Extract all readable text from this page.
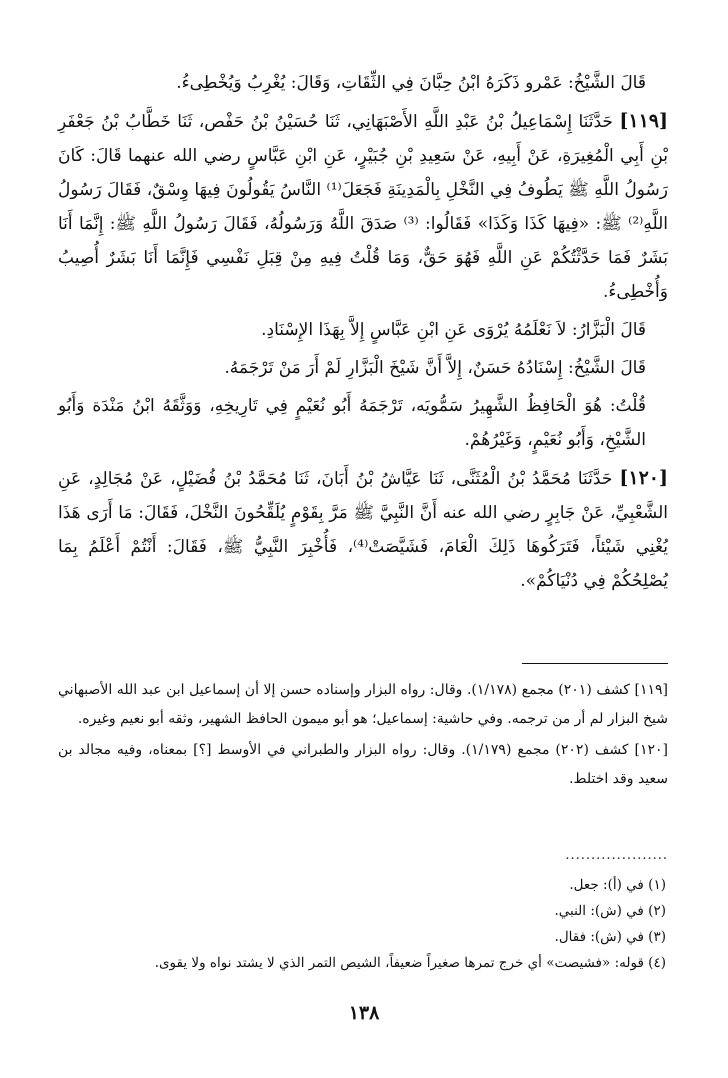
قَالَ الشَّيْخُ: عَمْرو ذَكَرَهُ ابْنُ حِبَّانَ فِي الثِّقَاتِ، وَقَالَ: يُغْرِبُ وَيُخْطِىءُ.

[١١٩] حَدَّثَنَا إِسْمَاعِيلُ بْنُ عَبْدِ اللَّهِ الأَصْبَهَانِي، ثَنَا حُسَيْنُ بْنُ حَفْص، ثَنَا خَطَّابُ بْنُ جَعْفَرِ بْنِ أَبِي الْمُغِيرَةِ، عَنْ أَبِيهِ، عَنْ سَعِيدِ بْنِ جُبَيْرٍ، عَنِ ابْنِ عَبَّاسٍ رضي الله عنهما قَالَ: كَانَ رَسُولُ اللَّهِ ﷺ يَطُوفُ فِي النَّخْلِ بِالْمَدِينَةِ فَجَعَلَ⁽¹⁾ النَّاسُ يَقُولُونَ فِيهَا وِسْقٌ، فَقَالَ رَسُولُ اللَّهِ⁽²⁾ ﷺ: «فِيهَا كَذَا وَكَذَا» فَقَالُوا: ⁽³⁾ صَدَقَ اللَّهُ وَرَسُولُهُ، فَقَالَ رَسُولُ اللَّهِ ﷺ: إِنَّمَا أَنَا بَشَرٌ فَمَا حَدَّثْتُكُمْ عَنِ اللَّهِ فَهُوَ حَقٌّ، وَمَا قُلْتُ فِيهِ مِنْ قِبَلِ نَفْسِي فَإِنَّمَا أَنَا بَشَرٌ أُصِيبُ وَأُخْطِىءُ.

قَالَ الْبَزَّارُ: لاَ نَعْلَمُهُ يُرْوَى عَنِ ابْنِ عَبَّاسٍ إِلاَّ بِهَذَا الإِسْنَادِ.

قَالَ الشَّيْخُ: إِسْنَادُهُ حَسَنٌ، إِلاَّ أَنَّ شَيْخَ الْبَزَّارِ لَمْ أَرَ مَنْ تَرْجَمَهُ.

قُلْتُ: هُوَ الْحَافِظُ الشَّهِيرُ سَمُّويَه، تَرْجَمَهُ أَبُو نُعَيْمٍ فِي تَارِيخِهِ، وَوَثَّقَهُ ابْنُ مَنْدَة وَأَبُو الشَّيْخِ، وَأَبُو نُعَيْمٍ، وَغَيْرُهُمْ.

[١٢٠] حَدَّثَنَا مُحَمَّدُ بْنُ الْمُثَنَّى، ثَنَا عَيَّاشُ بْنُ أَبَانَ، ثَنَا مُحَمَّدُ بْنُ فُضَيْلٍ، عَنْ مُجَالِدٍ، عَنِ الشَّعْبِيِّ، عَنْ جَابِرٍ رضي الله عنه أَنَّ النَّبِيَّ ﷺ مَرَّ بِقَوْمٍ يُلَقِّحُونَ النَّخْلَ، فَقَالَ: مَا أَرَى هَذَا يُغْنِي شَيْئاً، فَتَرَكُوهَا ذَلِكَ الْعَامَ، فَشَيَّصَتْ⁽⁴⁾، فَأُخْبِرَ النَّبِيُّ ﷺ، فَقَالَ: أَنْتُمْ أَعْلَمُ بِمَا يُصْلِحُكُمْ فِي دُنْيَاكُمْ».

[١١٩] كشف (٢٠١) مجمع (١/١٧٨). وقال: رواه البزار وإسناده حسن إلا أن إسماعيل ابن عبد الله الأصبهاني شيخ البزار لم أر من ترجمه. وفي حاشية: إسماعيل؛ هو أبو ميمون الحافظ الشهير، وثقه أبو نعيم وغيره.

[١٢٠] كشف (٢٠٢) مجمع (١/١٧٩). وقال: رواه البزار والطبراني في الأوسط [؟] بمعناه، وفيه مجالد بن سعيد وقد اختلط.

....................

(١) في (أ): جعل.

(٢) في (ش): النبي.

(٣) في (ش): فقال.

(٤) قوله: «فشيصت» أي خرج تمرها صغيراً ضعيفاً، الشيص التمر الذي لا يشتد نواه ولا يقوى.

١٣٨
